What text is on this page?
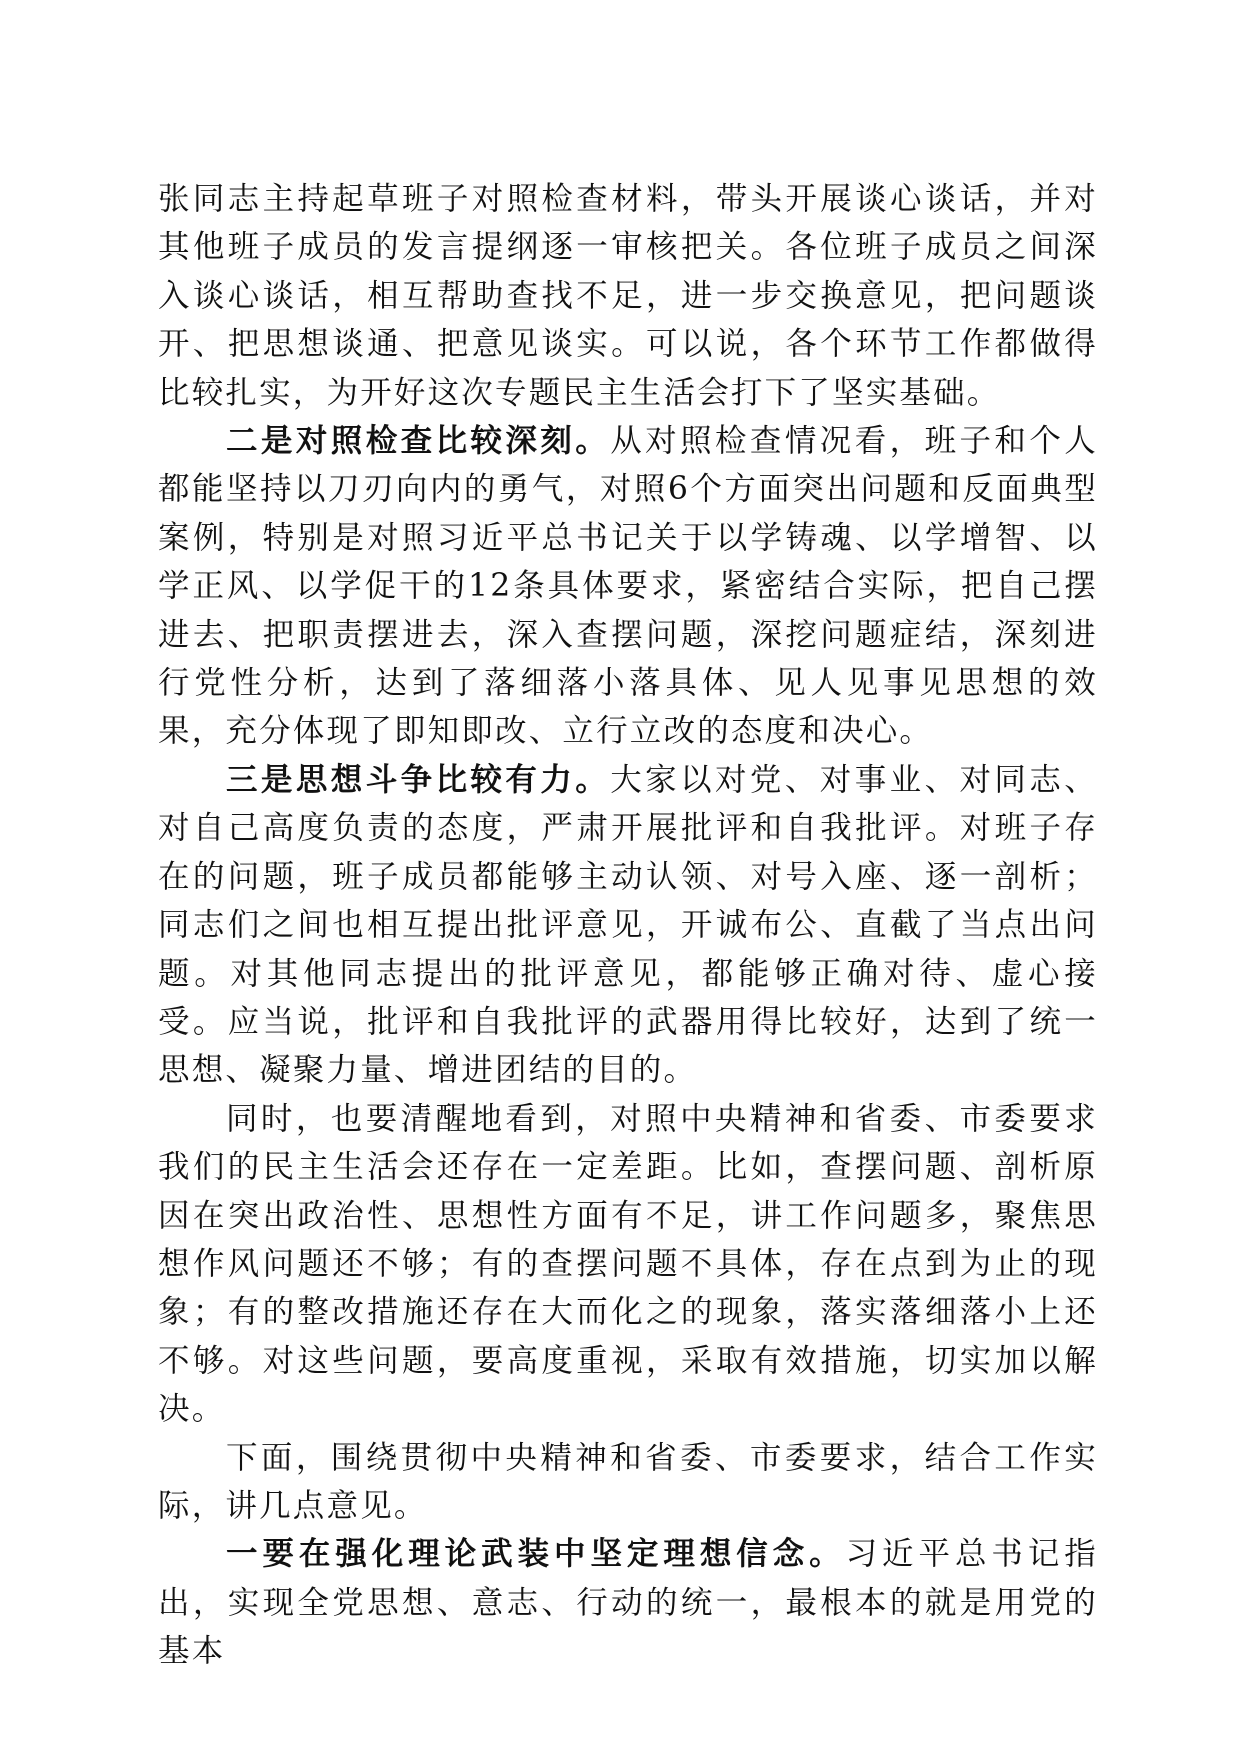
张同志主持起草班子对照检查材料，带头开展谈心谈话，并对其他班子成员的发言提纲逐一审核把关。各位班子成员之间深入谈心谈话，相互帮助查找不足，进一步交换意见，把问题谈开、把思想谈通、把意见谈实。可以说，各个环节工作都做得比较扎实，为开好这次专题民主生活会打下了坚实基础。

二是对照检查比较深刻。从对照检查情况看，班子和个人都能坚持以刀刃向内的勇气，对照6个方面突出问题和反面典型案例，特别是对照习近平总书记关于以学铸魂、以学增智、以学正风、以学促干的12条具体要求，紧密结合实际，把自己摆进去、把职责摆进去，深入查摆问题，深挖问题症结，深刻进行党性分析，达到了落细落小落具体、见人见事见思想的效果，充分体现了即知即改、立行立改的态度和决心。

三是思想斗争比较有力。大家以对党、对事业、对同志、对自己高度负责的态度，严肃开展批评和自我批评。对班子存在的问题，班子成员都能够主动认领、对号入座、逐一剖析；同志们之间也相互提出批评意见，开诚布公、直截了当点出问题。对其他同志提出的批评意见，都能够正确对待、虚心接受。应当说，批评和自我批评的武器用得比较好，达到了统一思想、凝聚力量、增进团结的目的。

同时，也要清醒地看到，对照中央精神和省委、市委要求我们的民主生活会还存在一定差距。比如，查摆问题、剖析原因在突出政治性、思想性方面有不足，讲工作问题多，聚焦思想作风问题还不够；有的查摆问题不具体，存在点到为止的现象；有的整改措施还存在大而化之的现象，落实落细落小上还不够。对这些问题，要高度重视，采取有效措施，切实加以解决。

下面，围绕贯彻中央精神和省委、市委要求，结合工作实际，讲几点意见。

一要在强化理论武装中坚定理想信念。习近平总书记指出，实现全党思想、意志、行动的统一，最根本的就是用党的基本
